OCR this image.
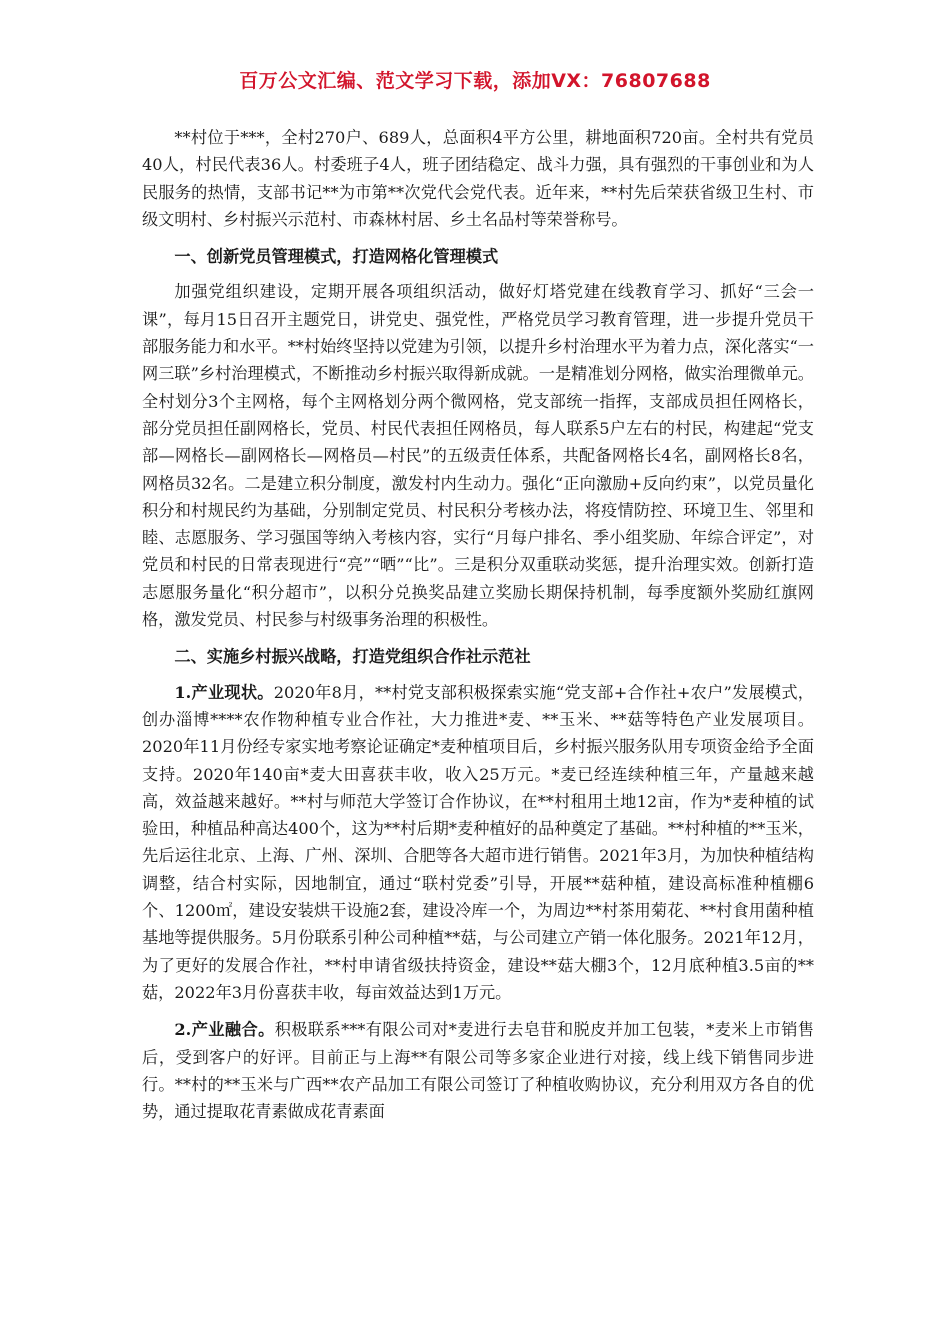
百万公文汇编、范文学习下载，添加VX：76807688

**村位于***，全村270户、689人，总面积4平方公里，耕地面积720亩。全村共有党员40人，村民代表36人。村委班子4人，班子团结稳定、战斗力强，具有强烈的干事创业和为人民服务的热情，支部书记**为市第**次党代会党代表。近年来，**村先后荣获省级卫生村、市级文明村、乡村振兴示范村、市森林村居、乡土名品村等荣誉称号。

一、创新党员管理模式，打造网格化管理模式

加强党组织建设，定期开展各项组织活动，做好灯塔党建在线教育学习、抓好“三会一课”，每月15日召开主题党日，讲党史、强党性，严格党员学习教育管理，进一步提升党员干部服务能力和水平。**村始终坚持以党建为引领，以提升乡村治理水平为着力点，深化落实“一网三联”乡村治理模式，不断推动乡村振兴取得新成就。一是精准划分网格，做实治理微单元。全村划分3个主网格，每个主网格划分两个微网格，党支部统一指挥，支部成员担任网格长，部分党员担任副网格长，党员、村民代表担任网格员，每人联系5户左右的村民，构建起“党支部—网格长—副网格长—网格员—村民”的五级责任体系，共配备网格长4名，副网格长8名，网格员32名。二是建立积分制度，激发村内生动力。强化“正向激励+反向约束”，以党员量化积分和村规民约为基础，分别制定党员、村民积分考核办法，将疫情防控、环境卫生、邻里和睦、志愿服务、学习强国等纳入考核内容，实行“月每户排名、季小组奖励、年综合评定”，对党员和村民的日常表现进行“亮”“晒”“比”。三是积分双重联动奖惩，提升治理实效。创新打造志愿服务量化“积分超市”，以积分兑换奖品建立奖励长期保持机制，每季度额外奖励红旗网格，激发党员、村民参与村级事务治理的积极性。

二、实施乡村振兴战略，打造党组织合作社示范社

1.产业现状。2020年8月，**村党支部积极探索实施“党支部+合作社+农户”发展模式，创办淄博****农作物种植专业合作社，大力推进*麦、**玉米、**菇等特色产业发展项目。2020年11月份经专家实地考察论证确定*麦种植项目后，乡村振兴服务队用专项资金给予全面支持。2020年140亩*麦大田喜获丰收，收入25万元。*麦已经连续种植三年，产量越来越高，效益越来越好。**村与师范大学签订合作协议，在**村租用土地12亩，作为*麦种植的试验田，种植品种高达400个，这为**村后期*麦种植好的品种奠定了基础。**村种植的**玉米，先后运往北京、上海、广州、深圳、合肥等各大超市进行销售。2021年3月，为加快种植结构调整，结合村实际，因地制宜，通过“联村党委”引导，开展**菇种植，建设高标准种植棚6个、1200㎡，建设安装烘干设施2套，建设冷库一个，为周边**村茶用菊花、**村食用菌种植基地等提供服务。5月份联系引种公司种植**菇，与公司建立产销一体化服务。2021年12月，为了更好的发展合作社，**村申请省级扶持资金，建设**菇大棚3个，12月底种植3.5亩的**菇，2022年3月份喜获丰收，每亩效益达到1万元。

2.产业融合。积极联系***有限公司对*麦进行去皂苷和脱皮并加工包装，*麦米上市销售后，受到客户的好评。目前正与上海**有限公司等多家企业进行对接，线上线下销售同步进行。**村的**玉米与广西**农产品加工有限公司签订了种植收购协议，充分利用双方各自的优势，通过提取花青素做成花青素面
